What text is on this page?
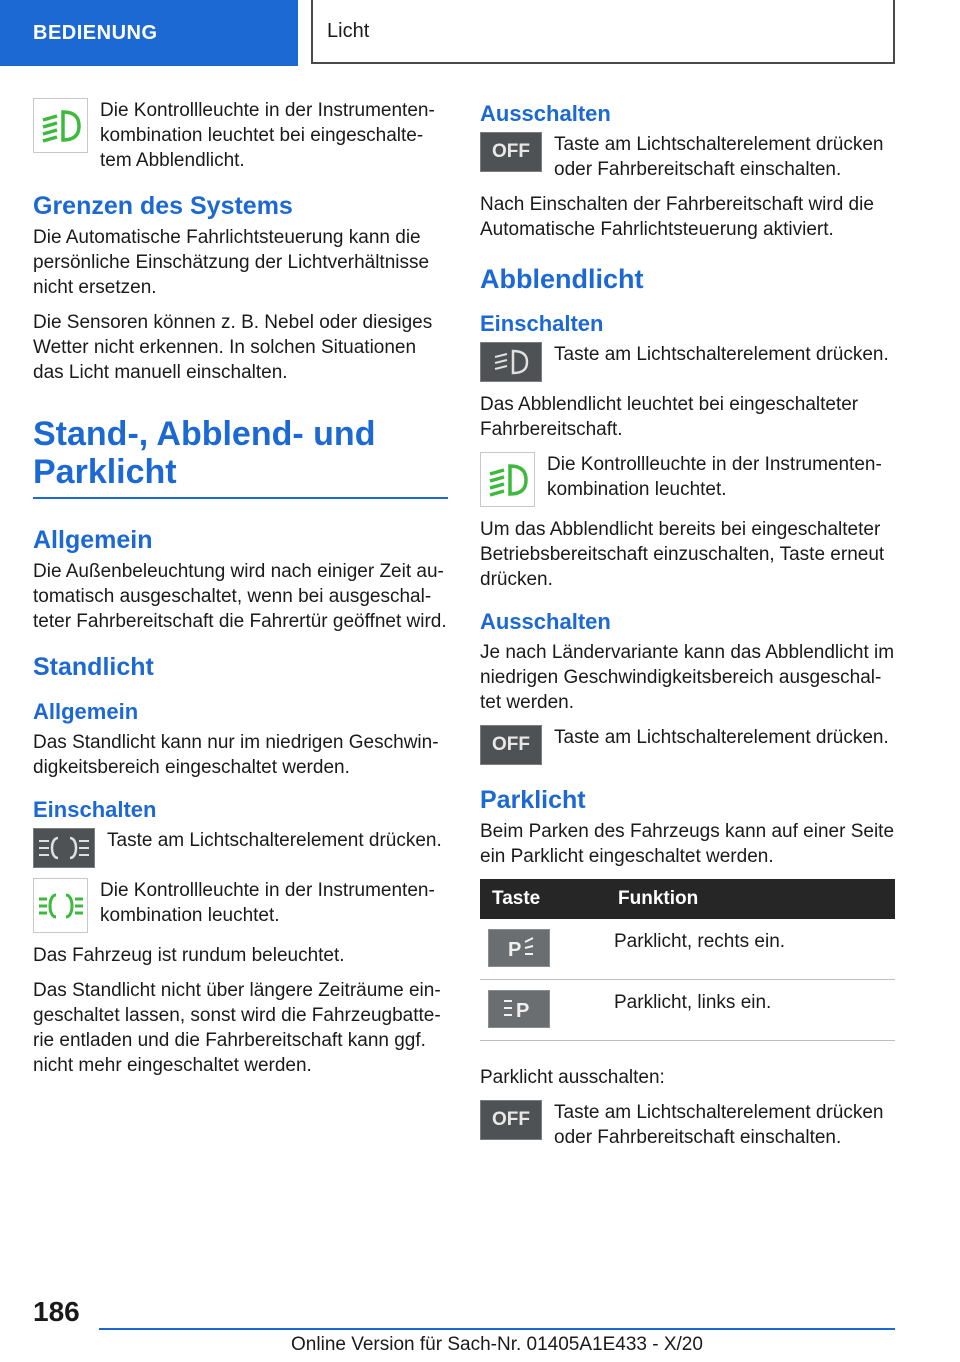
BEDIENUNG	Licht
Die Kontrollleuchte in der Instrumentenkombination leuchtet bei eingeschaltetem Abblendlicht.
Grenzen des Systems

Die Automatische Fahrlichtsteuerung kann die persönliche Einschätzung der Lichtverhältnisse nicht ersetzen.

Die Sensoren können z. B. Nebel oder diesiges Wetter nicht erkennen. In solchen Situationen das Licht manuell einschalten.

Stand-, Abblend- und Parklicht
Allgemein

Die Außenbeleuchtung wird nach einiger Zeit automatisch ausgeschaltet, wenn bei ausgeschalteter Fahrbereitschaft die Fahrertür geöffnet wird.

Standlicht
Allgemein

Das Standlicht kann nur im niedrigen Geschwindigkeitsbereich eingeschaltet werden.

Einschalten
Taste am Lichtschalterelement drücken.
Die Kontrollleuchte in der Instrumentenkombination leuchtet.

Das Fahrzeug ist rundum beleuchtet.

Das Standlicht nicht über längere Zeiträume eingeschaltet lassen, sonst wird die Fahrzeugbatterie entladen und die Fahrbereitschaft kann ggf. nicht mehr eingeschaltet werden.

Ausschalten
OFF	Taste am Lichtschalterelement drücken oder Fahrbereitschaft einschalten.

Nach Einschalten der Fahrbereitschaft wird die Automatische Fahrlichtsteuerung aktiviert.

Abblendlicht
Einschalten
Taste am Lichtschalterelement drücken.

Das Abblendlicht leuchtet bei eingeschalteter Fahrbereitschaft.

Die Kontrollleuchte in der Instrumentenkombination leuchtet.

Um das Abblendlicht bereits bei eingeschalteter Betriebsbereitschaft einzuschalten, Taste erneut drücken.

Ausschalten

Je nach Ländervariante kann das Abblendlicht im niedrigen Geschwindigkeitsbereich ausgeschaltet werden.

OFF	Taste am Lichtschalterelement drücken.
Parklicht

Beim Parken des Fahrzeugs kann auf einer Seite ein Parklicht eingeschaltet werden.

Taste	Funktion

P	Parklicht, rechts ein.

P	Parklicht, links ein.

Parklicht ausschalten:

OFF	Taste am Lichtschalterelement drücken oder Fahrbereitschaft einschalten.
186
Online Version für Sach-Nr. 01405A1E433 - X/20
